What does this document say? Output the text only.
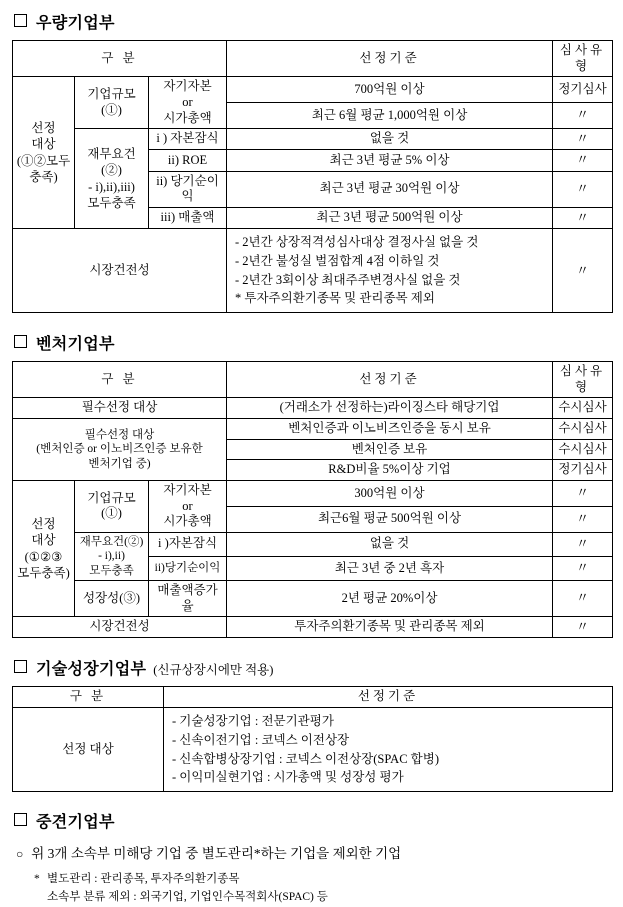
우량기업부
구 분			선정기준	심사유형

선정
대상
(①②모두
충족)
	기업규모(①)	
자기자본
or
시가총액
	700억원 이상	정기심사
			최근 6월 평균 1,000억원 이상	〃

	재무요건(②)
- i),ii),iii)
모두충족	i ) 자본잠식	없을 것	〃
		ii) ROE	최근 3년 평균 5% 이상	〃
		ii) 당기순이익	최근 3년 평균 30억원 이상	〃
		iii) 매출액	최근 3년 평균 500억원 이상	〃
시장건전성			- 2년간 상장적격성심사대상 결정사실 없을 것
- 2년간 불성실 벌점합계 4점 이하일 것
- 2년간 3회이상 최대주주변경사실 없을 것
* 투자주의환기종목 및 관리종목 제외	〃
벤처기업부
구 분			선정기준	심사유형
필수선정 대상			(거래소가 선정하는)라이징스타 해당기업	수시심사

필수선정 대상
(벤처인증 or 이노비즈인증 보유한
벤처기업 중)			벤처인증과 이노비즈인증을 동시 보유	수시심사
			벤처인증 보유	수시심사
			R&D비율 5%이상 기업	정기심사

선정
대상
(①②③
모두충족)
	기업규모(①)	
자기자본
or
시가총액
	300억원 이상	〃
			최근6월 평균 500억원 이상	〃

	재무요건(②)
- i),ii)
모두충족	i )자본잠식	없을 것	〃
		ii)당기순이익	최근 3년 중 2년 흑자	〃
	성장성(③)	매출액증가율	2년 평균 20%이상	〃
시장건전성			투자주의환기종목 및 관리종목 제외	〃
기술성장기업부 (신규상장시에만 적용)
구 분	선정기준
선정 대상	- 기술성장기업 : 전문기관평가
- 신속이전기업 : 코넥스 이전상장
- 신속합병상장기업 : 코넥스 이전상장(SPAC 합병)
- 이익미실현기업 : 시가총액 및 성장성 평가
중견기업부
○ 위 3개 소속부 미해당 기업 중 별도관리*하는 기업을 제외한 기업
* 별도관리 : 관리종목, 투자주의환기종목
소속부 분류 제외 : 외국기업, 기업인수목적회사(SPAC) 등
